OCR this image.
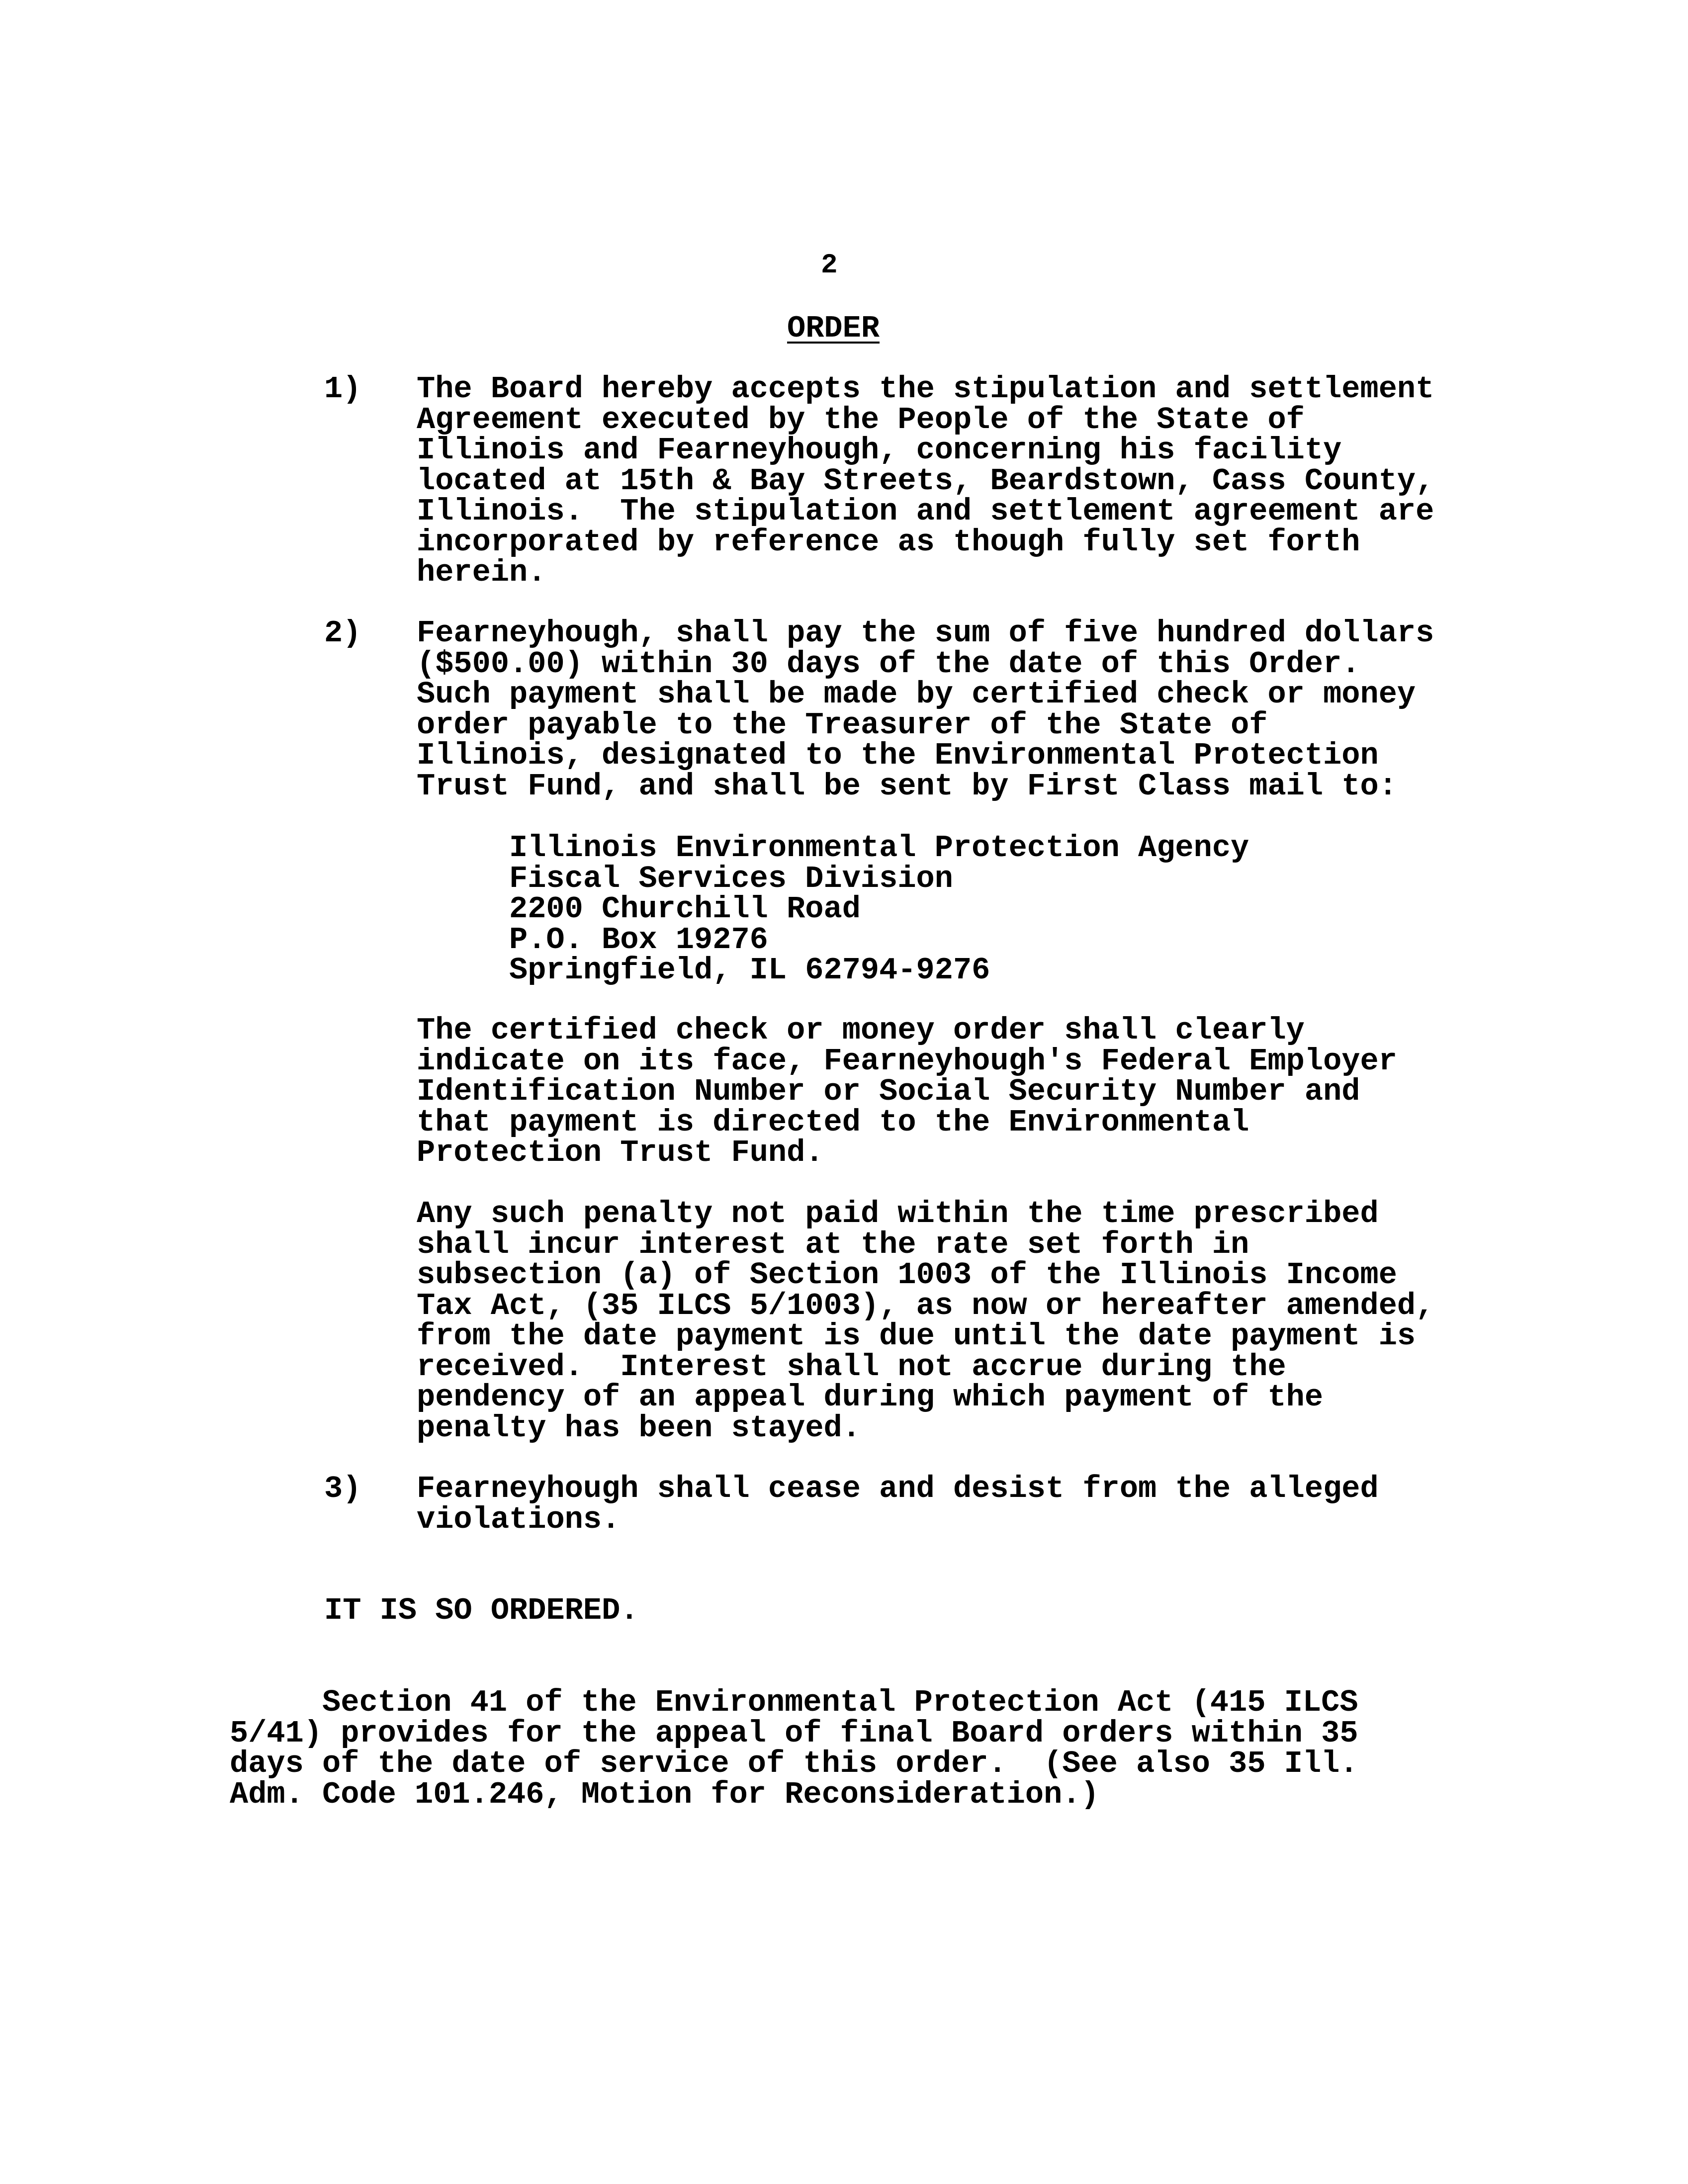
2
ORDER
1) The Board hereby accepts the stipulation and settlement
Agreement executed by the People of the State of
Illinois and Fearneyhough, concerning his facility
located at 15th & Bay Streets, Beardstown, Cass County,
Illinois.  The stipulation and settlement agreement are
incorporated by reference as though fully set forth
herein.
2) Fearneyhough, shall pay the sum of five hundred dollars
($500.00) within 30 days of the date of this Order.
Such payment shall be made by certified check or money
order payable to the Treasurer of the State of
Illinois, designated to the Environmental Protection
Trust Fund, and shall be sent by First Class mail to:
Illinois Environmental Protection Agency
Fiscal Services Division
2200 Churchill Road
P.O. Box 19276
Springfield, IL 62794-9276
The certified check or money order shall clearly
indicate on its face, Fearneyhough's Federal Employer
Identification Number or Social Security Number and
that payment is directed to the Environmental
Protection Trust Fund.
Any such penalty not paid within the time prescribed
shall incur interest at the rate set forth in
subsection (a) of Section 1003 of the Illinois Income
Tax Act, (35 ILCS 5/1003), as now or hereafter amended,
from the date payment is due until the date payment is
received.  Interest shall not accrue during the
pendency of an appeal during which payment of the
penalty has been stayed.
3) Fearneyhough shall cease and desist from the alleged
violations.
IT IS SO ORDERED.
Section 41 of the Environmental Protection Act (415 ILCS
5/41) provides for the appeal of final Board orders within 35
days of the date of service of this order.  (See also 35 Ill.
Adm. Code 101.246, Motion for Reconsideration.)
